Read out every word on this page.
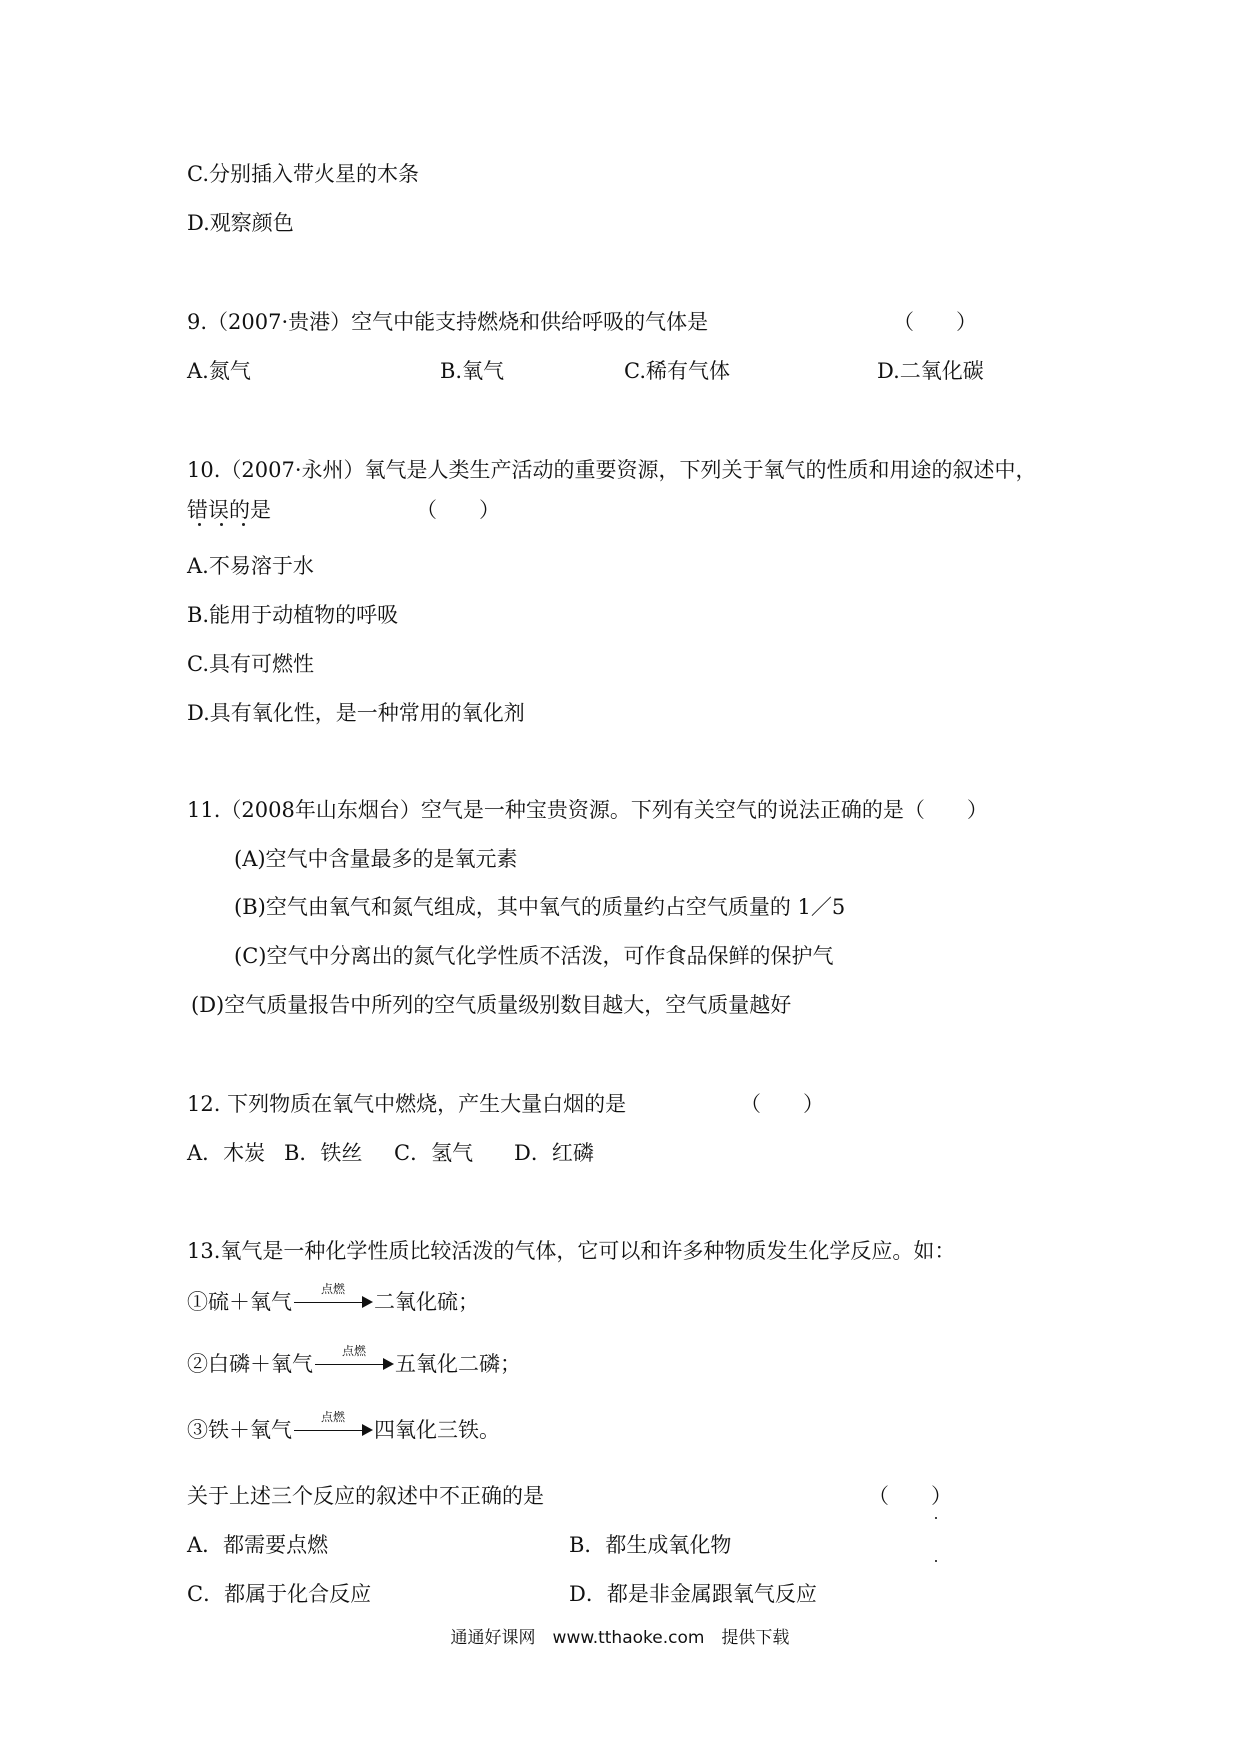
C.分别插入带火星的木条
D.观察颜色
9.（2007·贵港）空气中能支持燃烧和供给呼吸的气体是	（　　）
A.氮气	B.氧气	C.稀有气体	D.二氧化碳
10.（2007·永州）氧气是人类生产活动的重要资源，下列关于氧气的性质和用途的叙述中，
错误的是	（　　）
A.不易溶于水
B.能用于动植物的呼吸
C.具有可燃性
D.具有氧化性，是一种常用的氧化剂
11.（2008年山东烟台）空气是一种宝贵资源。下列有关空气的说法正确的是（　　）
(A)空气中含量最多的是氧元素
(B)空气由氧气和氮气组成，其中氧气的质量约占空气质量的 1／5
(C)空气中分离出的氮气化学性质不活泼，可作食品保鲜的保护气
(D)空气质量报告中所列的空气质量级别数目越大，空气质量越好
12. 下列物质在氧气中燃烧，产生大量白烟的是	（　　）
A．木炭 B．铁丝 C．氢气 D．红磷
13.氧气是一种化学性质比较活泼的气体，它可以和许多种物质发生化学反应。如：
①硫＋氧气
点燃
二氧化硫；
②白磷＋氧气
点燃
五氧化二磷；
③铁＋氧气
点燃
四氧化三铁。
关于上述三个反应的叙述中不正确的是	（　　）
A．都需要点燃	B．都生成氧化物
C．都属于化合反应	D．都是非金属跟氧气反应
通通好课网　www.tthaoke.com　提供下载
